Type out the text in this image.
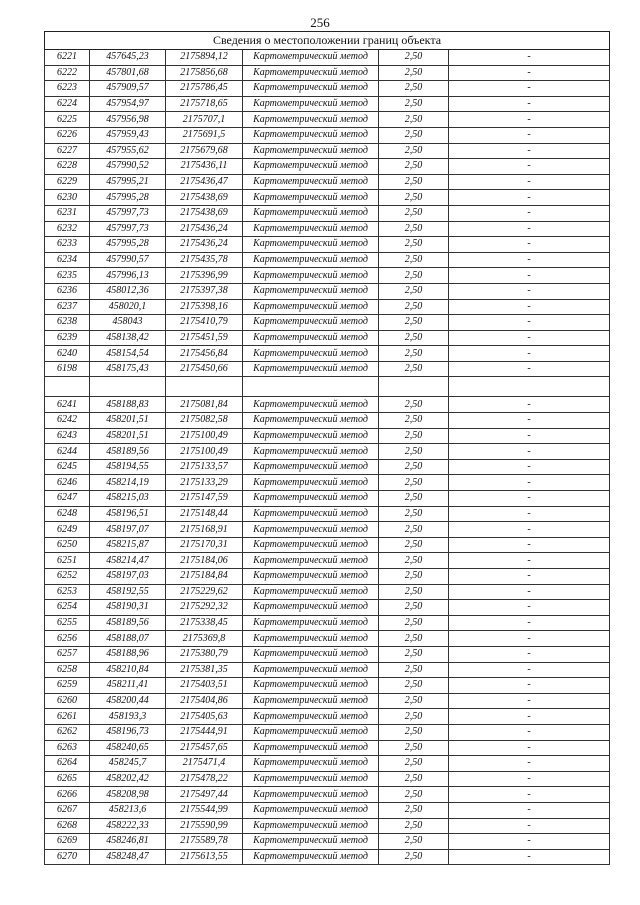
256
Сведения о местоположении границ объекта					
6221	457645,23	2175894,12	Картометрический метод	2,50	-
6222	457801,68	2175856,68	Картометрический метод	2,50	-
6223	457909,57	2175786,45	Картометрический метод	2,50	-
6224	457954,97	2175718,65	Картометрический метод	2,50	-
6225	457956,98	2175707,1	Картометрический метод	2,50	-
6226	457959,43	2175691,5	Картометрический метод	2,50	-
6227	457955,62	2175679,68	Картометрический метод	2,50	-
6228	457990,52	2175436,11	Картометрический метод	2,50	-
6229	457995,21	2175436,47	Картометрический метод	2,50	-
6230	457995,28	2175438,69	Картометрический метод	2,50	-
6231	457997,73	2175438,69	Картометрический метод	2,50	-
6232	457997,73	2175436,24	Картометрический метод	2,50	-
6233	457995,28	2175436,24	Картометрический метод	2,50	-
6234	457990,57	2175435,78	Картометрический метод	2,50	-
6235	457996,13	2175396,99	Картометрический метод	2,50	-
6236	458012,36	2175397,38	Картометрический метод	2,50	-
6237	458020,1	2175398,16	Картометрический метод	2,50	-
6238	458043	2175410,79	Картометрический метод	2,50	-
6239	458138,42	2175451,59	Картометрический метод	2,50	-
6240	458154,54	2175456,84	Картометрический метод	2,50	-
6198	458175,43	2175450,66	Картометрический метод	2,50	-

6241	458188,83	2175081,84	Картометрический метод	2,50	-
6242	458201,51	2175082,58	Картометрический метод	2,50	-
6243	458201,51	2175100,49	Картометрический метод	2,50	-
6244	458189,56	2175100,49	Картометрический метод	2,50	-
6245	458194,55	2175133,57	Картометрический метод	2,50	-
6246	458214,19	2175133,29	Картометрический метод	2,50	-
6247	458215,03	2175147,59	Картометрический метод	2,50	-
6248	458196,51	2175148,44	Картометрический метод	2,50	-
6249	458197,07	2175168,91	Картометрический метод	2,50	-
6250	458215,87	2175170,31	Картометрический метод	2,50	-
6251	458214,47	2175184,06	Картометрический метод	2,50	-
6252	458197,03	2175184,84	Картометрический метод	2,50	-
6253	458192,55	2175229,62	Картометрический метод	2,50	-
6254	458190,31	2175292,32	Картометрический метод	2,50	-
6255	458189,56	2175338,45	Картометрический метод	2,50	-
6256	458188,07	2175369,8	Картометрический метод	2,50	-
6257	458188,96	2175380,79	Картометрический метод	2,50	-
6258	458210,84	2175381,35	Картометрический метод	2,50	-
6259	458211,41	2175403,51	Картометрический метод	2,50	-
6260	458200,44	2175404,86	Картометрический метод	2,50	-
6261	458193,3	2175405,63	Картометрический метод	2,50	-
6262	458196,73	2175444,91	Картометрический метод	2,50	-
6263	458240,65	2175457,65	Картометрический метод	2,50	-
6264	458245,7	2175471,4	Картометрический метод	2,50	-
6265	458202,42	2175478,22	Картометрический метод	2,50	-
6266	458208,98	2175497,44	Картометрический метод	2,50	-
6267	458213,6	2175544,99	Картометрический метод	2,50	-
6268	458222,33	2175590,99	Картометрический метод	2,50	-
6269	458246,81	2175589,78	Картометрический метод	2,50	-
6270	458248,47	2175613,55	Картометрический метод	2,50	-
